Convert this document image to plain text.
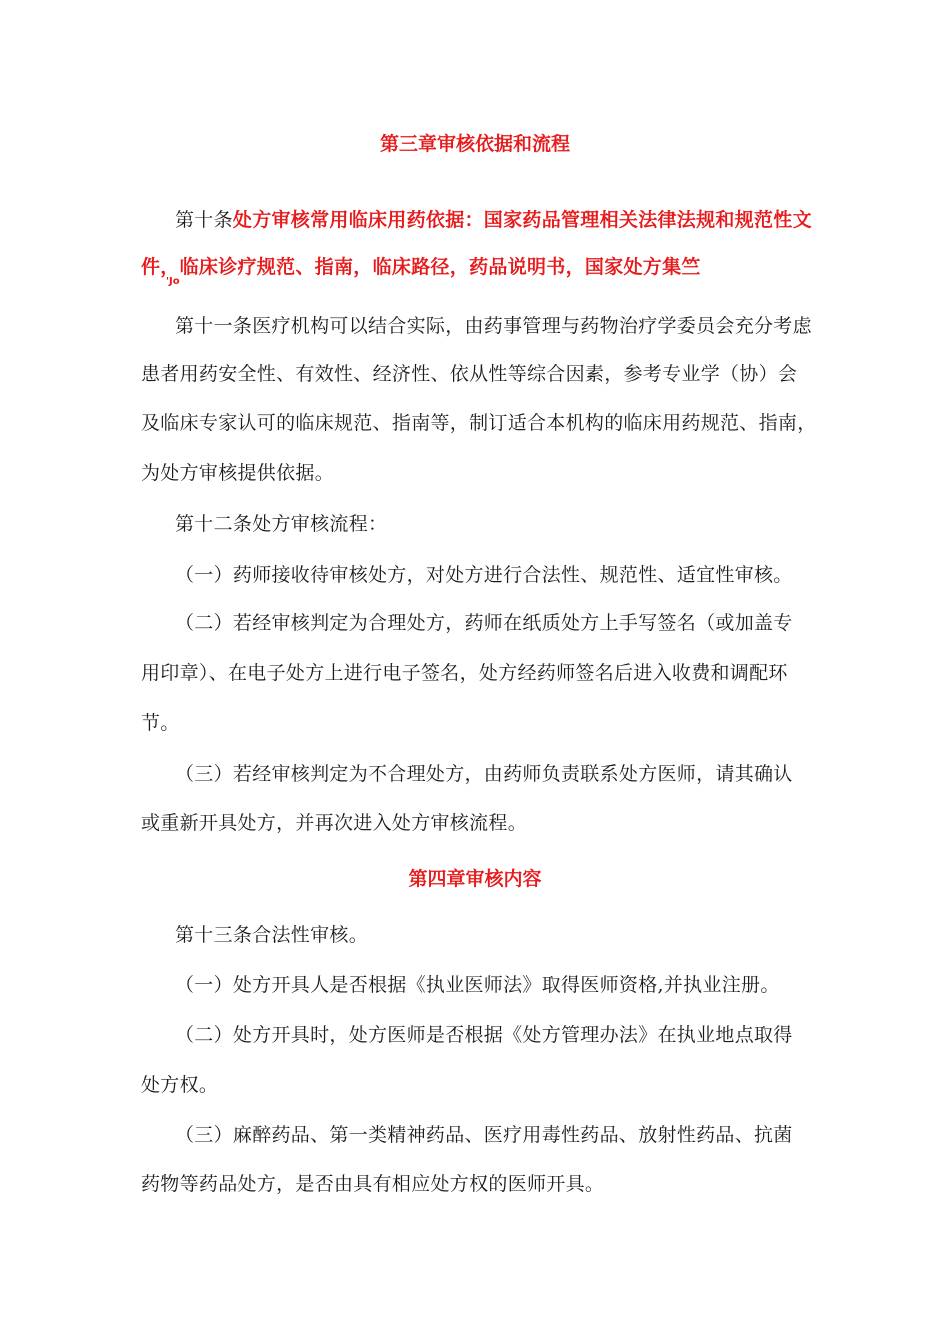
第三章审核依据和流程
第十条处方审核常用临床用药依据：国家药品管理相关法律法规和规范性文
件，临床诊疗规范、指南，临床路径，药品说明书，国家处方集竺
'Jo
第十一条医疗机构可以结合实际，由药事管理与药物治疗学委员会充分考虑
患者用药安全性、有效性、经济性、依从性等综合因素，参考专业学（协）会
及临床专家认可的临床规范、指南等，制订适合本机构的临床用药规范、指南，
为处方审核提供依据。
第十二条处方审核流程：
（一）药师接收待审核处方，对处方进行合法性、规范性、适宜性审核。
（二）若经审核判定为合理处方，药师在纸质处方上手写签名（或加盖专
用印章）、在电子处方上进行电子签名，处方经药师签名后进入收费和调配环
节。
（三）若经审核判定为不合理处方，由药师负责联系处方医师，请其确认
或重新开具处方，并再次进入处方审核流程。
第四章审核内容
第十三条合法性审核。
（一）处方开具人是否根据《执业医师法》取得医师资格,并执业注册。
（二）处方开具时，处方医师是否根据《处方管理办法》在执业地点取得
处方权。
（三）麻醉药品、第一类精神药品、医疗用毒性药品、放射性药品、抗菌
药物等药品处方，是否由具有相应处方权的医师开具。
